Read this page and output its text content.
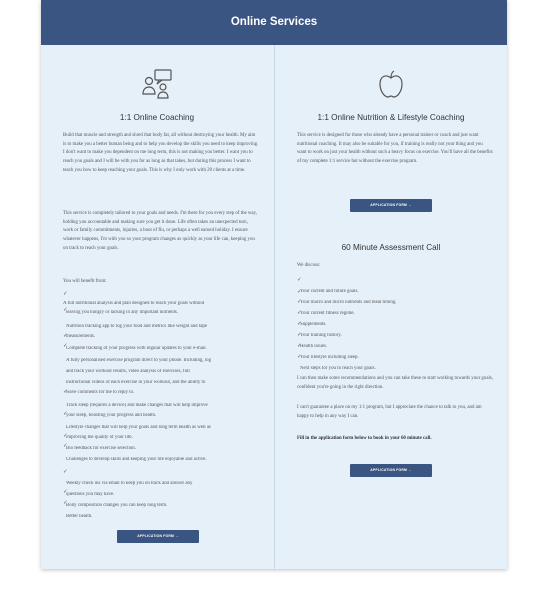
Online Services
1:1 Online Coaching
Build that muscle and strength and shred that body fat, all without destroying your health. My aim is to make you a better human being and to help you develop the skills you need to keep improving. I don't want to make you dependent on me long term, this is not making you better. I want you to reach you goals and I will be with you for as long as that takes, but during this process I want to teach you how to keep reaching your goals. This is why I only work with 20 clients at a time.
This service is completely tailored to your goals and needs. I'm there for you every step of the way, holding you accountable and making sure you get it done. Life often takes an unexpected turn, work or family commitments, injuries, a bout of flu, or perhaps a well earned holiday. I ensure whatever happens, I'm with you so your program changes as quickly as your life can, keeping you on track to reach your goals.
You will benefit from:
✓
A full nutritional analysis and plan designed to reach your goals without
✓
leaving you hungry or lacking in any important nutrients.
Nutrition tracking app to log your food and metrics like weight and tape
✓
measurements.
✓
Complete tracking of your progress with regular updates to your e-mail.
A fully personalised exercise program direct to your phone. Including, log
and track your workout results, video analysis of exercises, full
instructional videos of each exercise in your workout, and the ability to
✓
leave comments for me to reply to.
Track sleep (requires a device) and make changes that will help improve
✓
your sleep, boosting your progress and health.
Lifestyle changes that will help your goals and long term health as well as
✓
improving the quality of your life.
✓
Bio feedback for exercise selection.
Challenges to develop skills and keeping your life enjoyable and active.
✓
Weekly check ins via email to keep you on track and answer any
✓
questions you may have.
✓
Body composition changes you can keep long term.
Better health.
APPLICATION FORM →
1:1 Online Nutrition & Lifestyle Coaching
This service is designed for those who already have a personal trainer or coach and just want nutritional coaching. It may also be suitable for you, if training is really not your thing and you want to work on just your health without such a heavy focus on exercise. You'll have all the benefits of my complete 1:1 service but without the exercise program.
APPLICATION FORM →
60 Minute Assessment Call
We discuss:
✓
Your current and future goals.
✓
Your macro and micro nutrients and meal timing.
✓
Your current fitness regime.
✓
Supplements.
✓
Your training history.
✓
Health issues.
✓
Your lifestyle including sleep.
✓
Next steps for you to reach your goals.
I can then make some recommendations and you can take these to start working towards your goals, confident you're going in the right direction.
I can't guarantee a place on my 1:1 program, but I appreciate the chance to talk to you, and am happy to help in any way I can.
Fill in the application form below to book in your 60 minute call.
APPLICATION FORM →
